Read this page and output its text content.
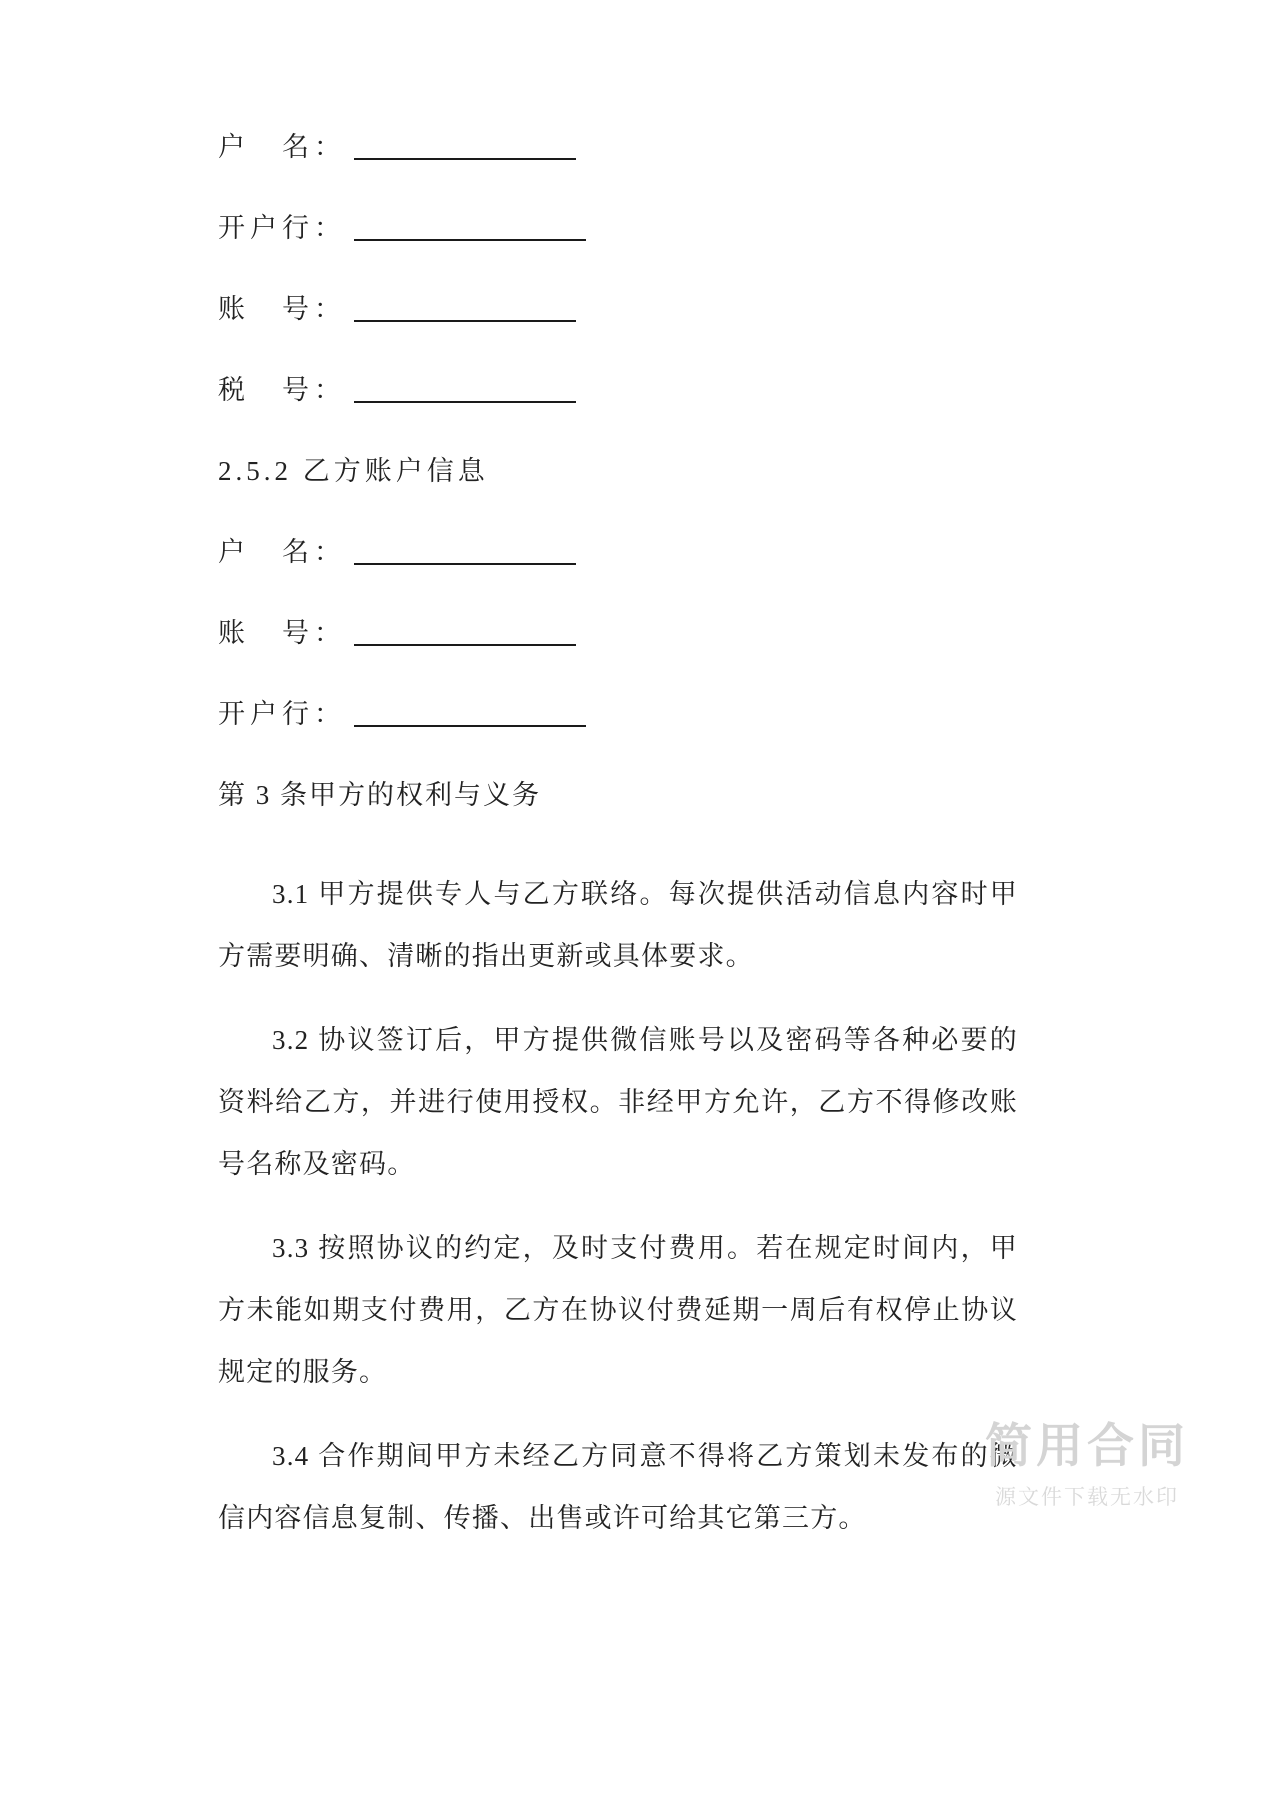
户　名：
开户行：
账　号：
税　号：
2.5.2 乙方账户信息
户　名：
账　号：
开户行：
第 3 条甲方的权利与义务

3.1 甲方提供专人与乙方联络。每次提供活动信息内容时甲方需要明确、清晰的指出更新或具体要求。

3.2 协议签订后，甲方提供微信账号以及密码等各种必要的资料给乙方，并进行使用授权。非经甲方允许，乙方不得修改账号名称及密码。

3.3 按照协议的约定，及时支付费用。若在规定时间内，甲方未能如期支付费用，乙方在协议付费延期一周后有权停止协议规定的服务。

3.4 合作期间甲方未经乙方同意不得将乙方策划未发布的微信内容信息复制、传播、出售或许可给其它第三方。

简用合同
源文件下载无水印
